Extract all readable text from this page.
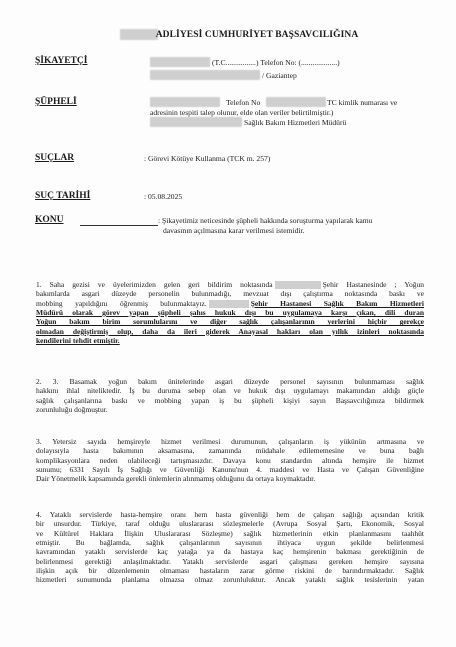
ADLİYESİ CUMHURİYET BAŞSAVCILIĞINA
ŞİKAYETÇİ	(T.C................) Telefon No: (...................)
/ Gaziantep
ŞÜPHELİ	Telefon No	TC kimlik numarası ve
adresinin tespiti talep olunur, elde olan veriler belirtilmiştir.)
Sağlık Bakım Hizmetleri Müdürü
SUÇLAR	: Görevi Kötüye Kullanma (TCK m. 257)
SUÇ TARİHİ	: 05.08.2025
KONU	: Şikayetimiz neticesinde şüpheli hakkında soruşturma yapılarak kamu
davasının açılmasına karar verilmesi istemidir.
1. Saha gezisi ve üyelerimizden gelen geri bildirim noktasında	Şehir Hastanesinde ; Yoğun
bakımlarda asgari düzeyde personelin bulunmadığı, mevzuat dışı çalıştırma noktasında baskı ve
mobbing yapıldığını öğrenmiş bulunmaktayız.	Şehir Hastanesi Sağlık Bakım Hizmetleri
Müdürü olarak görev yapan şüpheli şahıs hukuk dışı bu uygulamaya karşı çıkan, dili duran
Yoğun bakım birim sorumlularını ve diğer sağlık çalışanlarının yerlerini hiçbir gerekçe
olmadan değiştirmiş olup, daha da ileri giderek Anayasal hakları olan yıllık izinleri noktasında
kendilerini tehdit etmiştir.
2. 3. Basamak yoğun bakım ünitelerinde asgari düzeyde personel sayısının bulunmaması sağlık
hakkını ihlal niteliktedir. İş bu duruma sebep olan ve hukuk dışı uygulamayı makamından aldığı güçle
sağlık çalışanlarına baskı ve mobbing yapan iş bu şüpheli kişiyi sayın Başsavcılığınıza bildirmek
zorunluluğu doğmuştur.
3. Yetersiz sayıda hemşireyle hizmet verilmesi durumunun, çalışanların iş yükünün artmasına ve
dolayısıyla hasta bakımının aksamasına, zamanında müdahale edilememesine ve buna bağlı
komplikasyonlara neden olabileceği tartışmasızdır. Davaya konu standardın altında hemşire ile hizmet
sunumu; 6331 Sayılı İş Sağlığı ve Güvenliği Kanunu'nun 4. maddesi ve Hasta ve Çalışan Güvenliğine
Dair Yönetmelik kapsamında gerekli önlemlerin alınmamış olduğunu da ortaya koymaktadır.
4. Yataklı servislerde hasta-hemşire oranı hem hasta güvenliği hem de çalışan sağlığı açısından kritik
bir unsurdur. Türkiye, taraf olduğu uluslararası sözleşmelerle (Avrupa Sosyal Şartı, Ekonomik, Sosyal
ve Kültürel Haklara İlişkin Uluslararası Sözleşme) sağlık hizmetlerinin etkin planlanmasını taahhüt
etmiştir. Bu bağlamda, sağlık çalışanlarının sayısının ihtiyaca uygun şekilde belirlenmesi
kavramından yataklı servislerde kaç yatağa ya da hastaya kaç hemşirenin bakması gerektiğinin de
belirlenmesi gerektiği anlaşılmaktadır. Yataklı servislerde asgari çalışması gereken hemşire sayısına
ilişkin açık bir düzenlemenin olmaması hastaların zarar görme riskini de barındırmaktadır. Sağlık
hizmetleri sunumunda planlama olmazsa olmaz zorunluluktur. Ancak yataklı sağlık tesislerinin yatan
